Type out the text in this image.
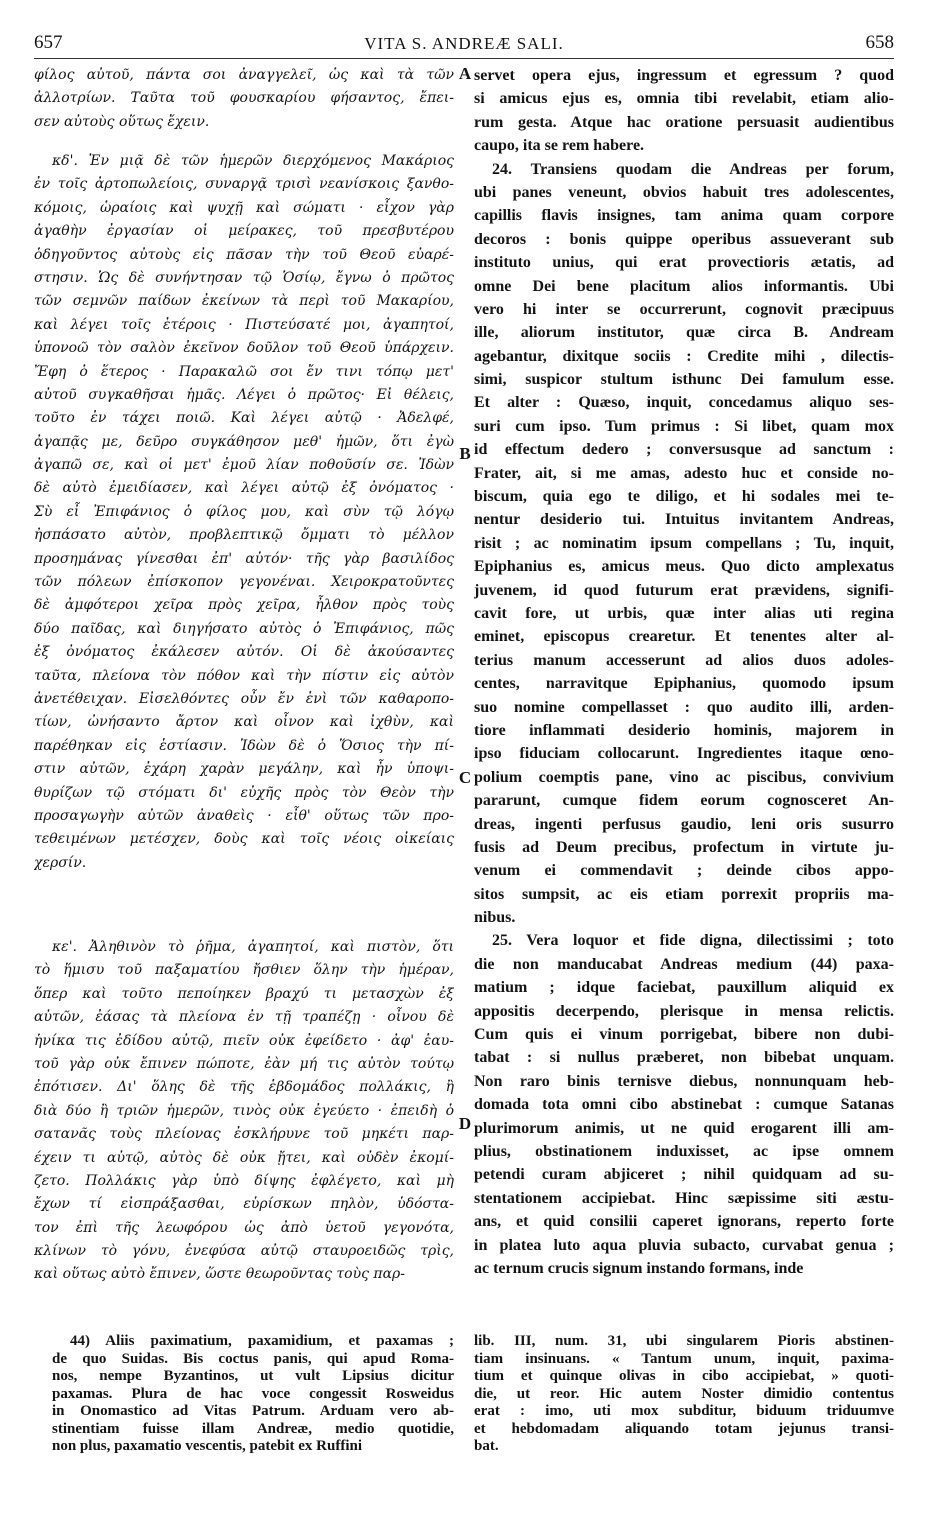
657	VITA S. ANDREÆ SALI.	658
φίλος αὐτοῦ, πάντα σοι ἀναγγελεῖ, ὡς καὶ τὰ τῶν
ἀλλοτρίων. Ταῦτα τοῦ φουσκαρίου φήσαντος, ἔπει-
σεν αὐτοὺς οὕτως ἔχειν.
κδ'. Ἐν μιᾷ δὲ τῶν ἡμερῶν διερχόμενος Μακάριος
ἐν τοῖς ἀρτοπωλείοις, συναργᾷ τρισὶ νεανίσκοις ξανθο-
κόμοις, ὡραίοις καὶ ψυχῇ καὶ σώματι · εἶχον γὰρ
ἀγαθὴν ἐργασίαν οἱ μείρακες, τοῦ πρεσβυτέρου
ὁδηγοῦντος αὐτοὺς εἰς πᾶσαν τὴν τοῦ Θεοῦ εὐαρέ-
στησιν. Ὡς δὲ συνήντησαν τῷ Ὁσίῳ, ἔγνω ὁ πρῶτος
τῶν σεμνῶν παίδων ἐκείνων τὰ περὶ τοῦ Μακαρίου,
καὶ λέγει τοῖς ἑτέροις · Πιστεύσατέ μοι, ἀγαπητοί,
ὑπονοῶ τὸν σαλὸν ἐκεῖνον δοῦλον τοῦ Θεοῦ ὑπάρχειν.
Ἔφη ὁ ἕτερος · Παρακαλῶ σοι ἔν τινι τόπῳ μετ'
αὐτοῦ συγκαθῆσαι ἡμᾶς. Λέγει ὁ πρῶτος· Εἰ θέλεις,
τοῦτο ἐν τάχει ποιῶ. Καὶ λέγει αὐτῷ · Ἀδελφέ,
ἀγαπᾷς με, δεῦρο συγκάθησον μεθ' ἡμῶν, ὅτι ἐγὼ
ἀγαπῶ σε, καὶ οἱ μετ' ἐμοῦ λίαν ποθοῦσίν σε. Ἰδὼν
δὲ αὐτὸ ἐμειδίασεν, καὶ λέγει αὐτῷ ἐξ ὀνόματος ·
Σὺ εἶ Ἐπιφάνιος ὁ φίλος μου, καὶ σὺν τῷ λόγῳ
ἠσπάσατο αὐτὸν, προβλεπτικῷ ὄμματι τὸ μέλλον
προσημάνας γίνεσθαι ἐπ' αὐτόν· τῆς γὰρ βασιλίδος
τῶν πόλεων ἐπίσκοπον γεγονέναι. Χειροκρατοῦντες
δὲ ἀμφότεροι χεῖρα πρὸς χεῖρα, ἦλθον πρὸς τοὺς
δύο παῖδας, καὶ διηγήσατο αὐτὸς ὁ Ἐπιφάνιος, πῶς
ἐξ ὀνόματος ἐκάλεσεν αὐτόν. Οἱ δὲ ἀκούσαντες
ταῦτα, πλείονα τὸν πόθον καὶ τὴν πίστιν εἰς αὐτὸν
ἀνετέθειχαν. Εἰσελθόντες οὖν ἔν ἑνὶ τῶν καθαροπο-
τίων, ὠνήσαντο ἄρτον καὶ οἶνον καὶ ἰχθὺν, καὶ
παρέθηκαν εἰς ἑστίασιν. Ἰδὼν δὲ ὁ Ὅσιος τὴν πί-
στιν αὐτῶν, ἐχάρη χαρὰν μεγάλην, καὶ ἦν ὑποψι-
θυρίζων τῷ στόματι δι' εὐχῆς πρὸς τὸν Θεὸν τὴν
προσαγωγὴν αὐτῶν ἀναθεὶς · εἶθ' οὕτως τῶν προ-
τεθειμένων μετέσχεν, δοὺς καὶ τοῖς νέοις οἰκείαις
χερσίν.
κε'. Ἀληθινὸν τὸ ῥῆμα, ἀγαπητοί, καὶ πιστὸν, ὅτι
τὸ ἥμισυ τοῦ παξαματίου ἤσθιεν ὅλην τὴν ἡμέραν,
ὅπερ καὶ τοῦτο πεποίηκεν βραχύ τι μετασχὼν ἐξ
αὐτῶν, ἐάσας τὰ πλείονα ἐν τῇ τραπέζῃ · οἶνου δὲ
ἡνίκα τις ἐδίδου αὐτῷ, πιεῖν οὐκ ἐφείδετο · ἀφ' ἑαυ-
τοῦ γὰρ οὐκ ἔπινεν πώποτε, ἐὰν μή τις αὐτὸν τούτῳ
ἐπότισεν. Δι' ὅλης δὲ τῆς ἑβδομάδος πολλάκις, ἢ
διὰ δύο ἢ τριῶν ἡμερῶν, τινὸς οὐκ ἐγεύετο · ἐπειδὴ ὁ
σατανᾶς τοὺς πλείονας ἐσκλήρυνε τοῦ μηκέτι παρ-
έχειν τι αὐτῷ, αὐτὸς δὲ οὐκ ᾔτει, καὶ οὐδὲν ἐκομί-
ζετο. Πολλάκις γὰρ ὑπὸ δίψης ἐφλέγετο, καὶ μὴ
ἔχων τί εἰσπράξασθαι, εὑρίσκων πηλὸν, ὑδόστα-
τον ἐπὶ τῆς λεωφόρου ὡς ἀπὸ ὑετοῦ γεγονότα,
κλίνων τὸ γόνυ, ἐνεφύσα αὐτῷ σταυροειδῶς τρὶς,
καὶ οὕτως αὐτὸ ἔπινεν, ὥστε θεωροῦντας τοὺς παρ-
servet opera ejus, ingressum et egressum ? quod
si amicus ejus es, omnia tibi revelabit, etiam alio-
rum gesta. Atque hac oratione persuasit audientibus
caupo, ita se rem habere.
24. Transiens quodam die Andreas per forum,
ubi panes veneunt, obvios habuit tres adolescentes,
capillis flavis insignes, tam anima quam corpore
decoros : bonis quippe operibus assueverant sub
instituto unius, qui erat provectioris ætatis, ad
omne Dei bene placitum alios informantis. Ubi
vero hi inter se occurrerunt, cognovit præcipuus
ille, aliorum institutor, quæ circa B. Andream
agebantur, dixitque sociis : Credite mihi , dilectis-
simi, suspicor stultum isthunc Dei famulum esse.
Et alter : Quæso, inquit, concedamus aliquo ses-
suri cum ipso. Tum primus : Si libet, quam mox
id effectum dedero ; conversusque ad sanctum :
Frater, ait, si me amas, adesto huc et conside no-
biscum, quia ego te diligo, et hi sodales mei te-
nentur desiderio tui. Intuitus invitantem Andreas,
risit ; ac nominatim ipsum compellans ; Tu, inquit,
Epiphanius es, amicus meus. Quo dicto amplexatus
juvenem, id quod futurum erat prævidens, signifi-
cavit fore, ut urbis, quæ inter alias uti regina
eminet, episcopus crearetur. Et tenentes alter al-
terius manum accesserunt ad alios duos adoles-
centes, narravitque Epiphanius, quomodo ipsum
suo nomine compellasset : quo audito illi, arden-
tiore inflammati desiderio hominis, majorem in
ipso fiduciam collocarunt. Ingredientes itaque œno-
polium coemptis pane, vino ac piscibus, convivium
pararunt, cumque fidem eorum cognosceret An-
dreas, ingenti perfusus gaudio, leni oris susurro
fusis ad Deum precibus, profectum in virtute ju-
venum ei commendavit ; deinde cibos appo-
sitos sumpsit, ac eis etiam porrexit propriis ma-
nibus.
25. Vera loquor et fide digna, dilectissimi ; toto
die non manducabat Andreas medium (44) paxa-
matium ; idque faciebat, pauxillum aliquid ex
appositis decerpendo, plerisque in mensa relictis.
Cum quis ei vinum porrigebat, bibere non dubi-
tabat : si nullus præberet, non bibebat unquam.
Non raro binis ternisve diebus, nonnunquam heb-
domada tota omni cibo abstinebat : cumque Satanas
plurimorum animis, ut ne quid erogarent illi am-
plius, obstinationem induxisset, ac ipse omnem
petendi curam abjiceret ; nihil quidquam ad su-
stentationem accipiebat. Hinc sæpissime siti æstu-
ans, et quid consilii caperet ignorans, reperto forte
in platea luto aqua pluvia subacto, curvabat genua ;
ac ternum crucis signum instando formans, inde
A
B
C
D
44) Aliis paximatium, paxamidium, et paxamas ;
de quo Suidas. Bis coctus panis, qui apud Roma-
nos, nempe Byzantinos, ut vult Lipsius dicitur
paxamas. Plura de hac voce congessit Rosweidus
in Onomastico ad Vitas Patrum. Arduam vero ab-
stinentiam fuisse illam Andreæ, medio quotidie,
non plus, paxamatio vescentis, patebit ex Ruffini
lib. III, num. 31, ubi singularem Pioris abstinen-
tiam insinuans. « Tantum unum, inquit, paxima-
tium et quinque olivas in cibo accipiebat, » quoti-
die, ut reor. Hic autem Noster dimidio contentus
erat : imo, uti mox subditur, biduum triduumve
et hebdomadam aliquando totam jejunus transi-
bat.
